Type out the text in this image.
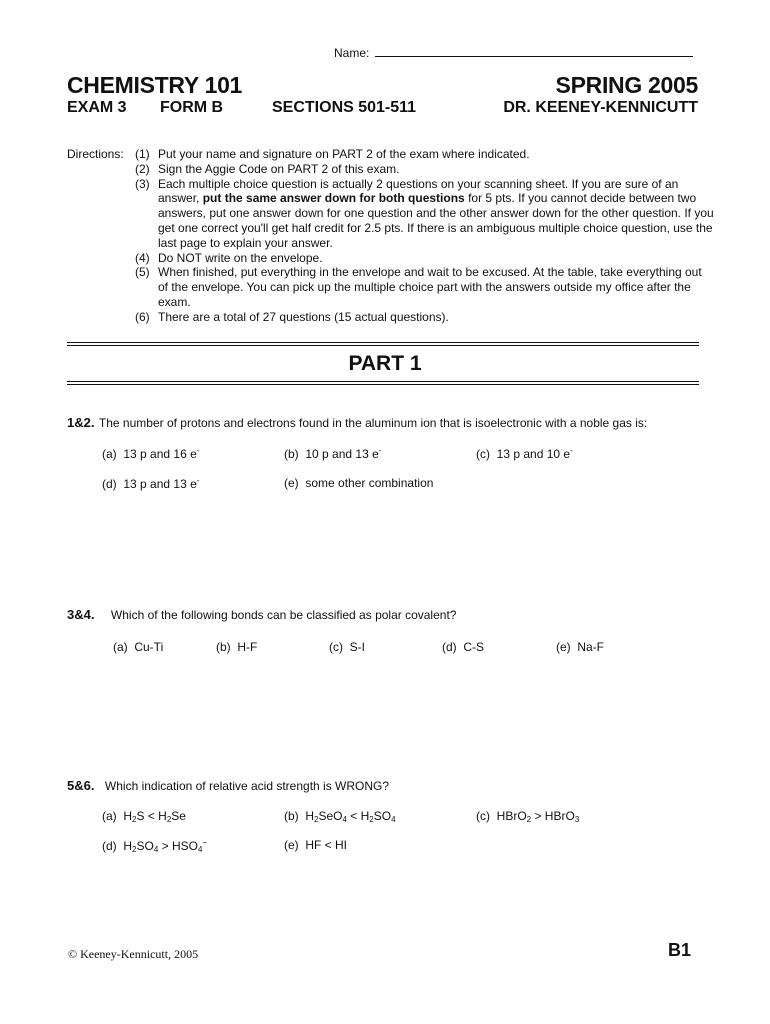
Name:
CHEMISTRY 101	SPRING 2005
EXAM 3 FORM B	SECTIONS 501-511	DR. KEENEY-KENNICUTT
Directions: (1) Put your name and signature on PART 2 of the exam where indicated.
(2) Sign the Aggie Code on PART 2 of this exam.
(3) Each multiple choice question is actually 2 questions on your scanning sheet. If you are sure of an answer, put the same answer down for both questions for 5 pts. If you cannot decide between two answers, put one answer down for one question and the other answer down for the other question. If you get one correct you'll get half credit for 2.5 pts. If there is an ambiguous multiple choice question, use the last page to explain your answer.
(4) Do NOT write on the envelope.
(5) When finished, put everything in the envelope and wait to be excused. At the table, take everything out of the envelope. You can pick up the multiple choice part with the answers outside my office after the exam.
(6) There are a total of 27 questions (15 actual questions).
PART 1
1&2. The number of protons and electrons found in the aluminum ion that is isoelectronic with a noble gas is:
(a) 13 p and 16 e-	(b) 10 p and 13 e-	(c) 13 p and 10 e-
(d) 13 p and 13 e-	(e) some other combination
3&4. Which of the following bonds can be classified as polar covalent?
(a) Cu-Ti	(b) H-F	(c) S-I	(d) C-S	(e) Na-F
5&6. Which indication of relative acid strength is WRONG?
(a) $H_2S < H_2Se$	(b) $H_2SeO_4 < H_2SO_4$	(c) HBrO$_2$ > HBrO$_3$
(d) $H_2SO_4 > HSO_4^-$	(e) HF < HI
© Keeney-Kennicutt, 2005	B1
